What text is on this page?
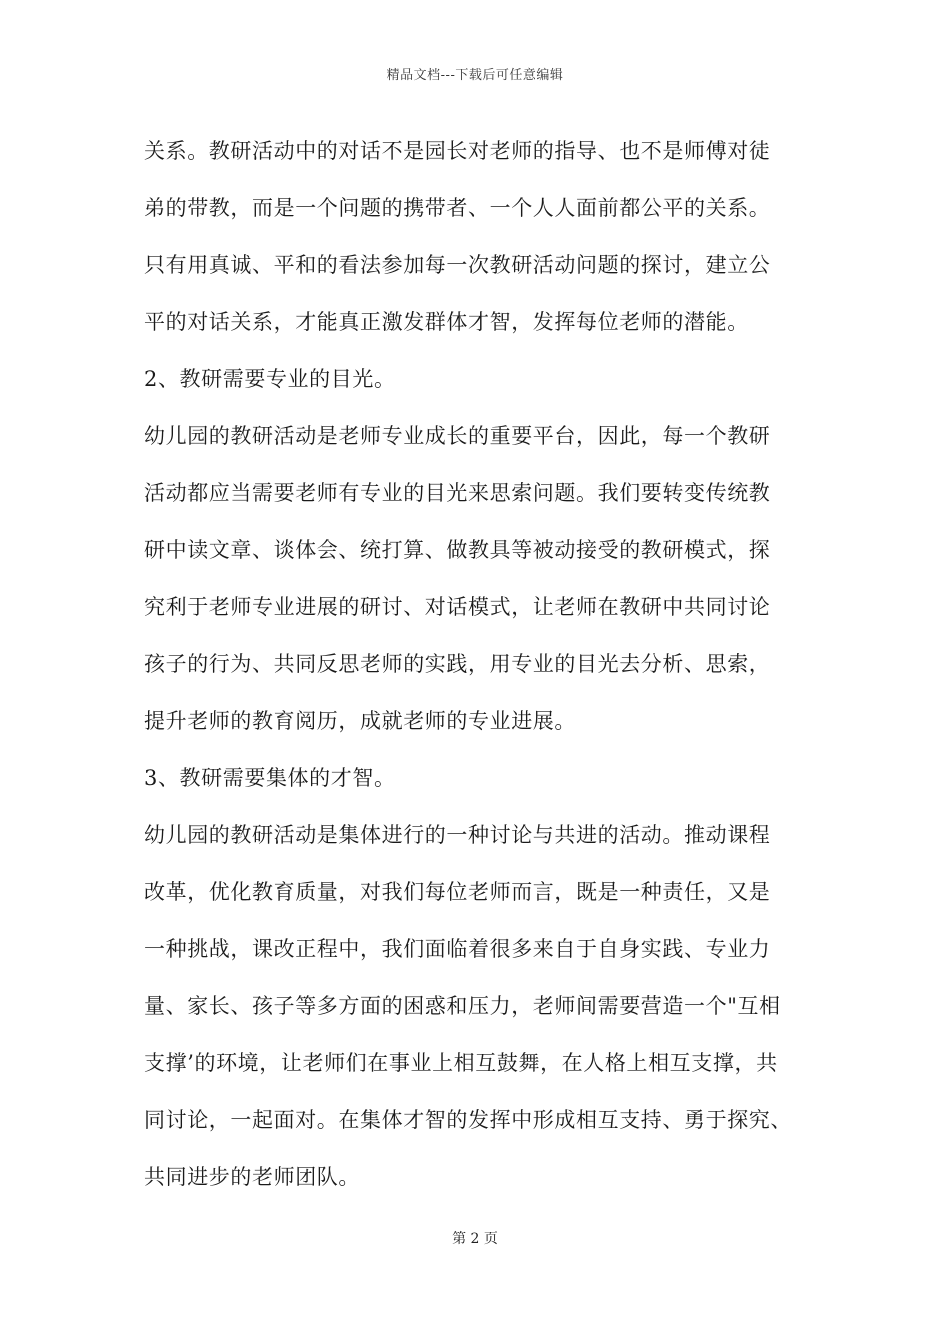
精品文档---下载后可任意编辑
关系。教研活动中的对话不是园长对老师的指导、也不是师傅对徒
弟的带教，而是一个问题的携带者、一个人人面前都公平的关系。
只有用真诚、平和的看法参加每一次教研活动问题的探讨，建立公
平的对话关系，才能真正激发群体才智，发挥每位老师的潜能。
2、教研需要专业的目光。
幼儿园的教研活动是老师专业成长的重要平台，因此，每一个教研
活动都应当需要老师有专业的目光来思索问题。我们要转变传统教
研中读文章、谈体会、统打算、做教具等被动接受的教研模式，探
究利于老师专业进展的研讨、对话模式，让老师在教研中共同讨论
孩子的行为、共同反思老师的实践，用专业的目光去分析、思索，
提升老师的教育阅历，成就老师的专业进展。
3、教研需要集体的才智。
幼儿园的教研活动是集体进行的一种讨论与共进的活动。推动课程
改革，优化教育质量，对我们每位老师而言，既是一种责任，又是
一种挑战，课改正程中，我们面临着很多来自于自身实践、专业力
量、家长、孩子等多方面的困惑和压力，老师间需要营造一个"互相
支撑’的环境，让老师们在事业上相互鼓舞，在人格上相互支撑，共
同讨论，一起面对。在集体才智的发挥中形成相互支持、勇于探究、
共同进步的老师团队。
第 2 页
